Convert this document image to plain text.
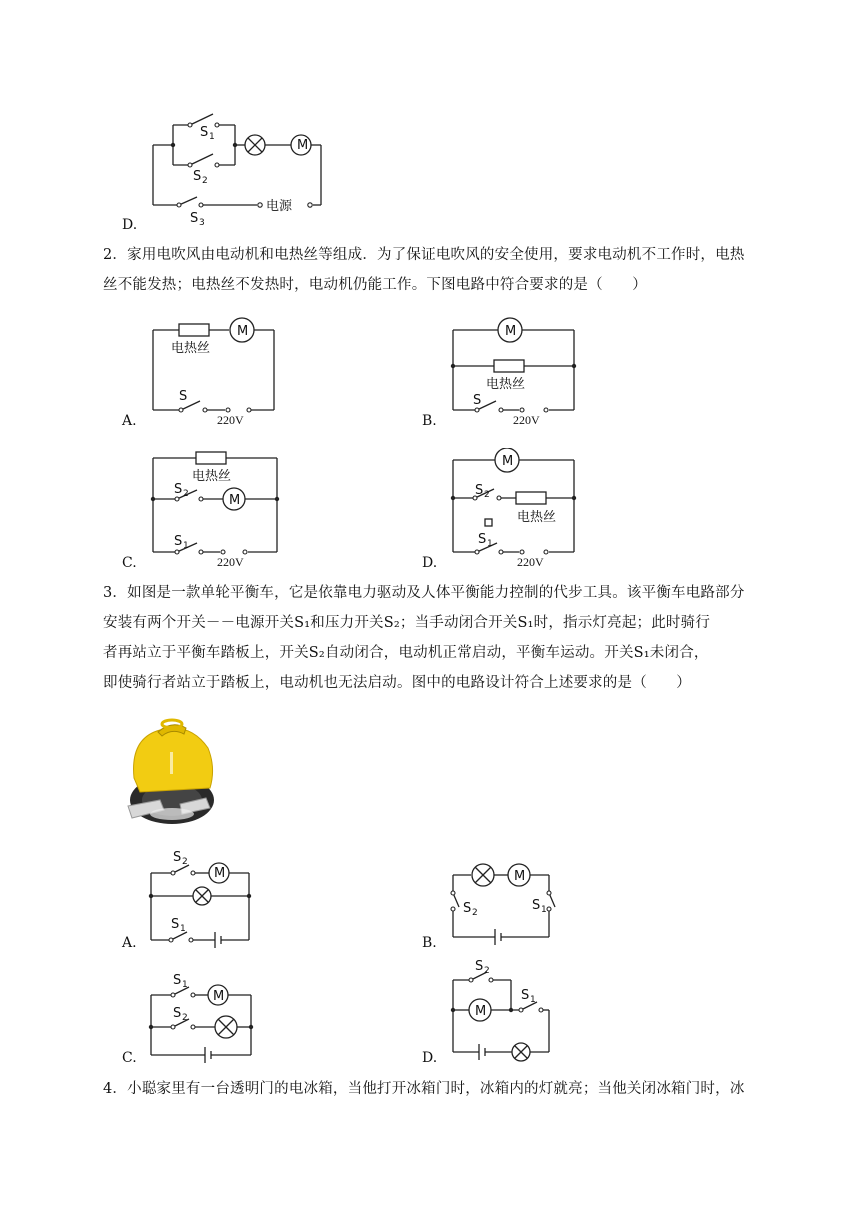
M
S 1
S 2
S 3
电源
D.
2．家用电吹风由电动机和电热丝等组成．为了保证电吹风的安全使用，要求电动机不工作时，电热
丝不能发热；电热丝不发热时，电动机仍能工作。下图电路中符合要求的是（　　）
M
电热丝
S
220V
A.
M
电热丝
S
220V
B.
M
电热丝
S 2
S 1
220V
C.
M
电热丝
S 2
S 1
220V
D.
3．如图是一款单轮平衡车，它是依靠电力驱动及人体平衡能力控制的代步工具。该平衡车电路部分
安装有两个开关－－电源开关S₁和压力开关S₂；当手动闭合开关S₁时，指示灯亮起；此时骑行
者再站立于平衡车踏板上，开关S₂自动闭合，电动机正常启动，平衡车运动。开关S₁未闭合，
即使骑行者站立于踏板上，电动机也无法启动。图中的电路设计符合上述要求的是（　　）
M
S 2
S 1
A.
M
S 2	S 1
B.
M
S 1
S 2
C.
M
S 2
S 1
D.
4．小聪家里有一台透明门的电冰箱，当他打开冰箱门时，冰箱内的灯就亮；当他关闭冰箱门时，冰
